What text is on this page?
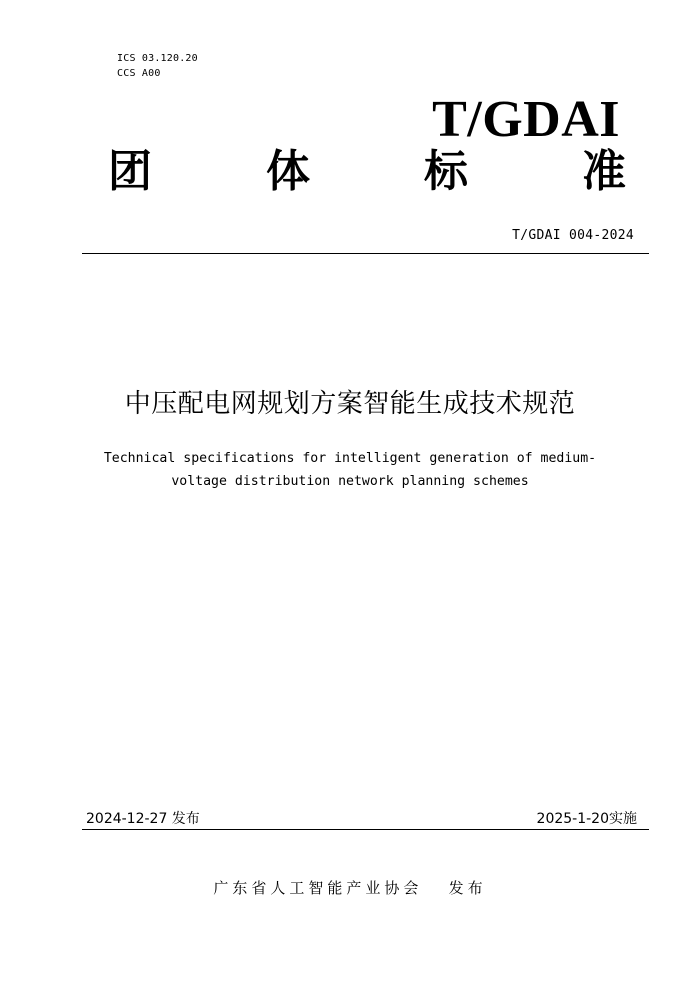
ICS 03.120.20
CCS A00
T/GDAI
团	体	标	准
T/GDAI 004-2024
中压配电网规划方案智能生成技术规范
Technical specifications for intelligent generation of medium-
voltage distribution network planning schemes
2024-12-27 发布	2025-1-20实施
广东省人工智能产业协会   发布
